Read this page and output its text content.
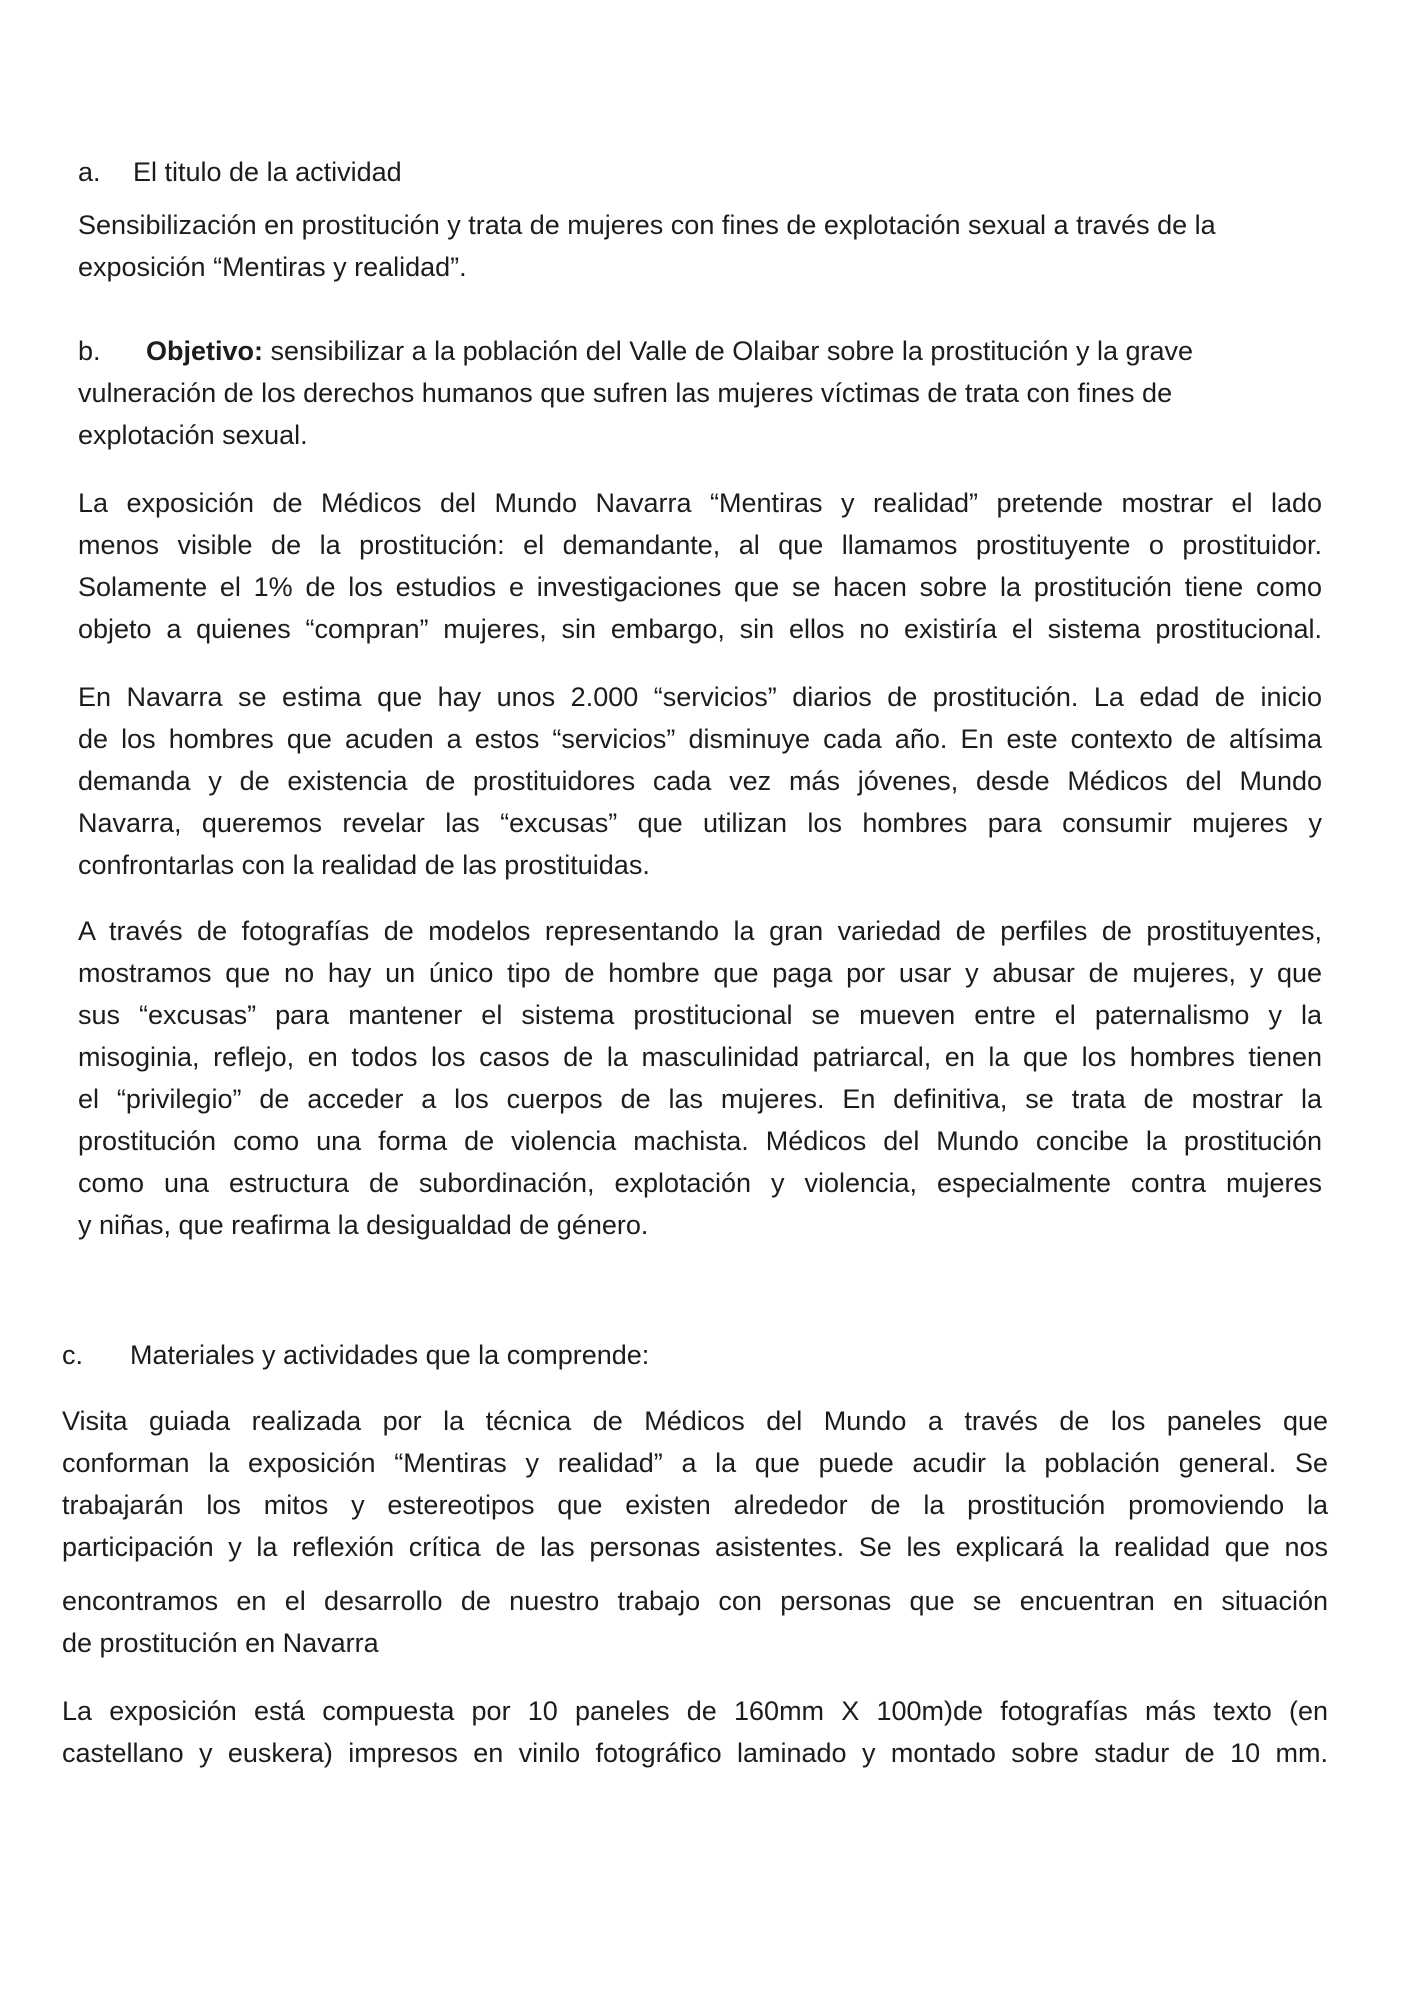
a. El titulo de la actividad
Sensibilización en prostitución y trata de mujeres con fines de explotación sexual a través de la
exposición “Mentiras y realidad”.
b. Objetivo: sensibilizar a la población del Valle de Olaibar sobre la prostitución y la grave
vulneración de los derechos humanos que sufren las mujeres víctimas de trata con fines de
explotación sexual.
La exposición de Médicos del Mundo Navarra “Mentiras y realidad” pretende mostrar el lado
menos visible de la prostitución: el demandante, al que llamamos prostituyente o prostituidor.
Solamente el 1% de los estudios e investigaciones que se hacen sobre la prostitución tiene como
objeto a quienes “compran” mujeres, sin embargo, sin ellos no existiría el sistema prostitucional.
En Navarra se estima que hay unos 2.000 “servicios” diarios de prostitución. La edad de inicio
de los hombres que acuden a estos “servicios” disminuye cada año. En este contexto de altísima
demanda y de existencia de prostituidores cada vez más jóvenes, desde Médicos del Mundo
Navarra, queremos revelar las “excusas” que utilizan los hombres para consumir mujeres y
confrontarlas con la realidad de las prostituidas.
A través de fotografías de modelos representando la gran variedad de perfiles de prostituyentes,
mostramos que no hay un único tipo de hombre que paga por usar y abusar de mujeres, y que
sus “excusas” para mantener el sistema prostitucional se mueven entre el paternalismo y la
misoginia, reflejo, en todos los casos de la masculinidad patriarcal, en la que los hombres tienen
el “privilegio” de acceder a los cuerpos de las mujeres. En definitiva, se trata de mostrar la
prostitución como una forma de violencia machista. Médicos del Mundo concibe la prostitución
como una estructura de subordinación, explotación y violencia, especialmente contra mujeres
y niñas, que reafirma la desigualdad de género.
c. Materiales y actividades que la comprende:
Visita guiada realizada por la técnica de Médicos del Mundo a través de los paneles que
conforman la exposición “Mentiras y realidad” a la que puede acudir la población general. Se
trabajarán los mitos y estereotipos que existen alrededor de la prostitución promoviendo la
participación y la reflexión crítica de las personas asistentes. Se les explicará la realidad que nos
encontramos en el desarrollo de nuestro trabajo con personas que se encuentran en situación
de prostitución en Navarra
La exposición está compuesta por 10 paneles de 160mm X 100m)de fotografías más texto (en
castellano y euskera) impresos en vinilo fotográfico laminado y montado sobre stadur de 10 mm.
